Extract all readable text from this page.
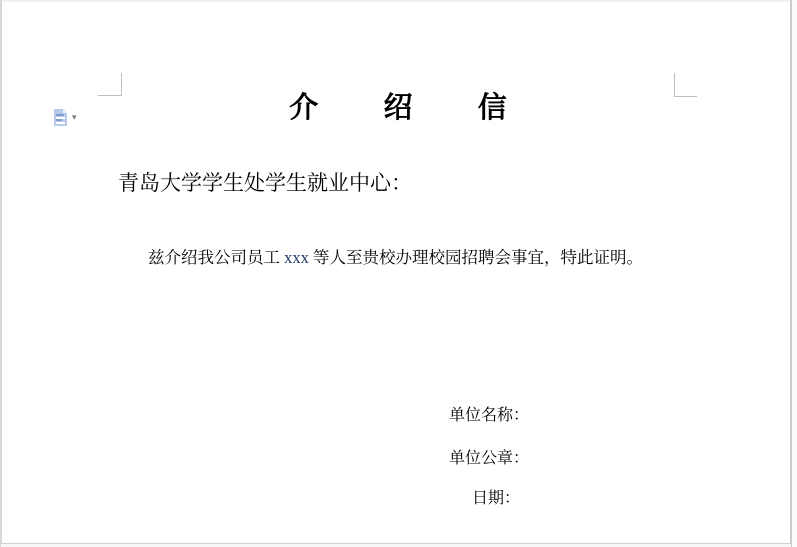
▾	介 绍 信
青岛大学学生处学生就业中心：
兹介绍我公司员工 xxx 等人至贵校办理校园招聘会事宜，特此证明。
单位名称：
单位公章：
日期：
